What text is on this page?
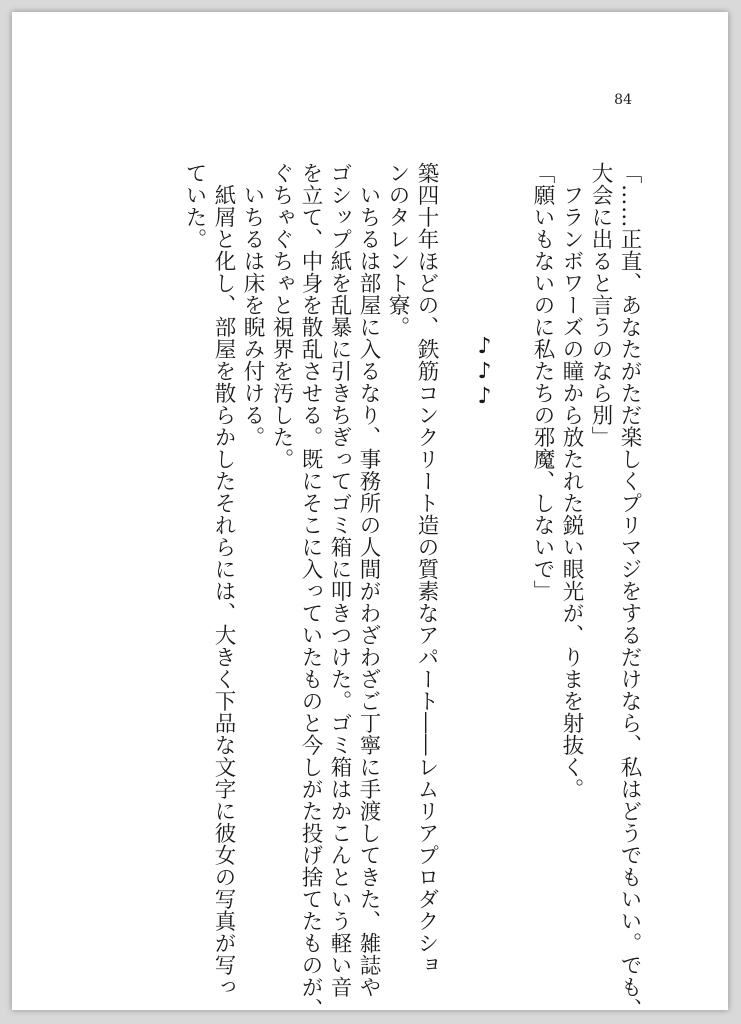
84
「……正直、あなたがただ楽しくプリマジをするだけなら、私はどうでもいい。でも、
大会に出ると言うのなら別」
　フランボワーズの瞳から放たれた鋭い眼光が、りまを射抜く。
「願いもないのに私たちの邪魔、しないで」

♪♪♪

築四十年ほどの、鉄筋コンクリート造の質素なアパート――レムリアプロダクショ
ンのタレント寮。
　いちるは部屋に入るなり、事務所の人間がわざわざご丁寧に手渡してきた、雑誌や
ゴシップ紙を乱暴に引きちぎってゴミ箱に叩きつけた。ゴミ箱はかこんという軽い音
を立て、中身を散乱させる。既にそこに入っていたものと今しがた投げ捨てたものが、
ぐちゃぐちゃと視界を汚した。
　いちるは床を睨み付ける。
　紙屑と化し、部屋を散らかしたそれらには、大きく下品な文字に彼女の写真が写っ
ていた。
